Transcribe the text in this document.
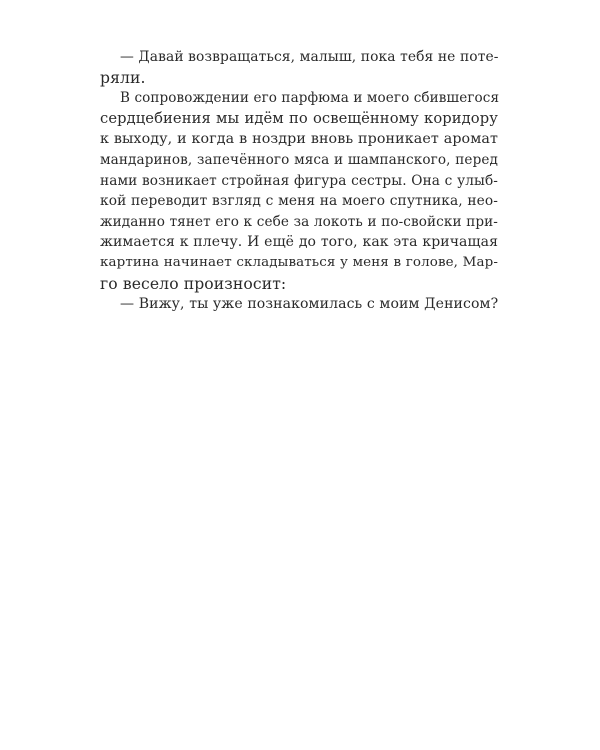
— Давай возвращаться, малыш, пока тебя не поте-
ряли.
В сопровождении его парфюма и моего сбившегося
сердцебиения мы идём по освещённому коридору
к выходу, и когда в ноздри вновь проникает аромат
мандаринов, запечённого мяса и шампанского, перед
нами возникает стройная фигура сестры. Она с улыб-
кой переводит взгляд с меня на моего спутника, нео-
жиданно тянет его к себе за локоть и по-свойски при-
жимается к плечу. И ещё до того, как эта кричащая
картина начинает складываться у меня в голове, Мар-
го весело произносит:
— Вижу, ты уже познакомилась с моим Денисом?
